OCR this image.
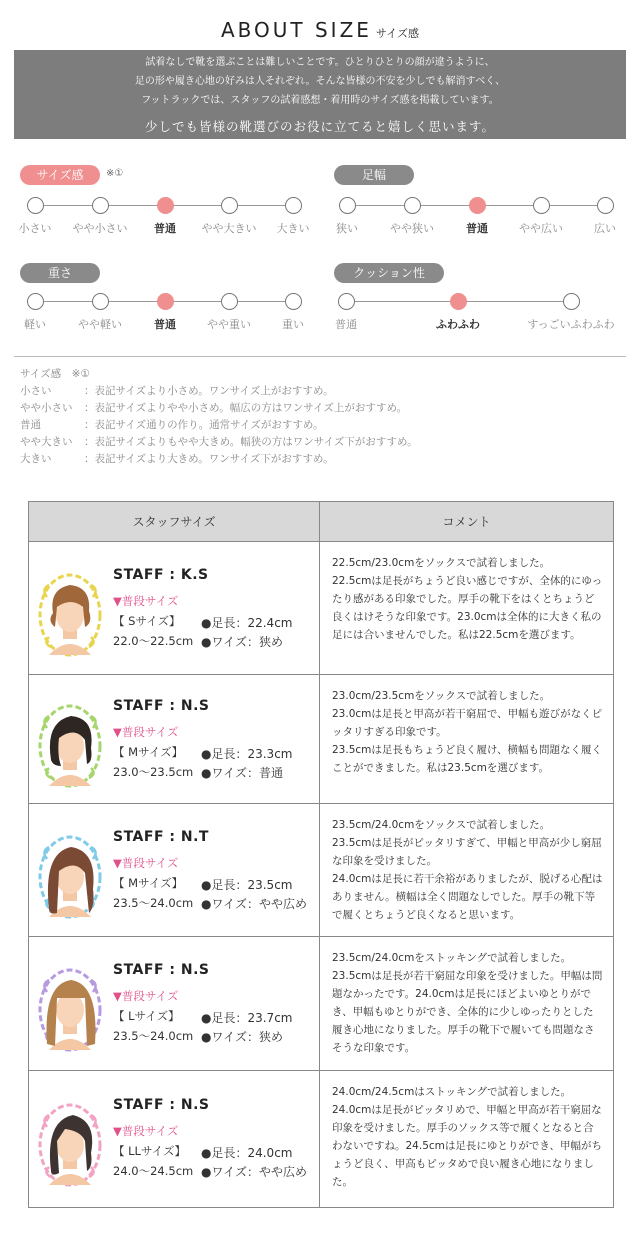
ABOUT SIZE サイズ感
試着なしで靴を選ぶことは難しいことです。ひとりひとりの顔が違うように、
足の形や履き心地の好みは人それぞれ。そんな皆様の不安を少しでも解消すべく、
フットラックでは、スタッフの試着感想・着用時のサイズ感を掲載しています。
少しでも皆様の靴選びのお役に立てると嬉しく思います。
サイズ感 ※①
小さい やや小さい 普通 やや大きい 大きい
足幅
狭い	やや狭い	普通	やや広い	広い
重さ
軽い	やや軽い	普通	やや重い	重い
クッション性
普通	ふわふわ	すっごいふわふわ
サイズ感　※①
小さい	：表記サイズより小さめ。ワンサイズ上がおすすめ。
やや小さい ：表記サイズよりやや小さめ。幅広の方はワンサイズ上がおすすめ。
普通	：表記サイズ通りの作り。通常サイズがおすすめ。
やや大きい ：表記サイズよりもやや大きめ。幅狭の方はワンサイズ下がおすすめ。
大きい	：表記サイズより大きめ。ワンサイズ下がおすすめ。
スタッフサイズ	コメント
STAFF : K.S
▼普段サイズ
【 Sサイズ】
22.0～22.5cm
●足長：22.4cm
●ワイズ：狭め

22.5cm/23.0cmをソックスで試着しました。

22.5cmは足長がちょうど良い感じですが、全体的にゆったり感がある印象でした。厚手の靴下をはくとちょうど良くはけそうな印象です。23.0cmは全体的に大きく私の足には合いませんでした。私は22.5cmを選びます。

STAFF : N.S
▼普段サイズ
【 Mサイズ】
23.0～23.5cm
●足長：23.3cm
●ワイズ：普通

23.0cm/23.5cmをソックスで試着しました。

23.0cmは足長と甲高が若干窮屈で、甲幅も遊びがなくピッタリすぎる印象です。

23.5cmは足長もちょうど良く履け、横幅も問題なく履くことができました。私は23.5cmを選びます。

STAFF : N.T
▼普段サイズ
【 Mサイズ】
23.5～24.0cm
●足長：23.5cm
●ワイズ：やや広め

23.5cm/24.0cmをソックスで試着しました。

23.5cmは足長がピッタリすぎて、甲幅と甲高が少し窮屈な印象を受けました。

24.0cmは足長に若干余裕がありましたが、脱げる心配はありません。横幅は全く問題なしでした。厚手の靴下等で履くとちょうど良くなると思います。

STAFF : N.S
▼普段サイズ
【 Lサイズ】
23.5～24.0cm
●足長：23.7cm
●ワイズ：狭め

23.5cm/24.0cmをストッキングで試着しました。

23.5cmは足長が若干窮屈な印象を受けました。甲幅は問題なかったです。24.0cmは足長にほどよいゆとりができ、甲幅もゆとりができ、全体的に少しゆったりとした履き心地になりました。厚手の靴下で履いても問題なさそうな印象です。

STAFF : N.S
▼普段サイズ
【 LLサイズ】
24.0～24.5cm
●足長：24.0cm
●ワイズ：やや広め

24.0cm/24.5cmはストッキングで試着しました。

24.0cmは足長がピッタリめで、甲幅と甲高が若干窮屈な印象を受けました。厚手のソックス等で履くとなると合わないですね。24.5cmは足長にゆとりができ、甲幅がちょうど良く、甲高もピッタめで良い履き心地になりました。
